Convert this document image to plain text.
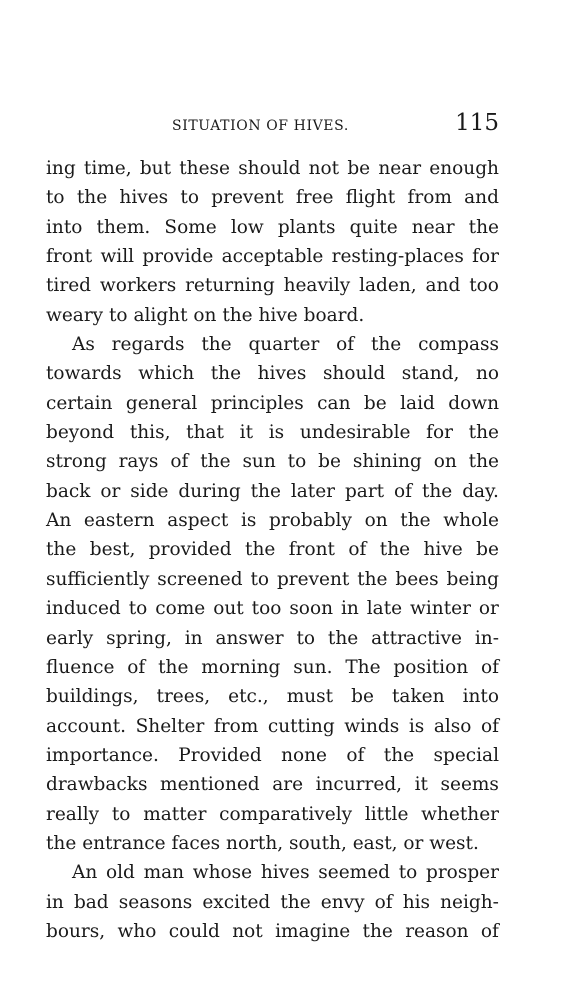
SITUATION OF HIVES.	115
ing time, but these should not be near enough
to the hives to prevent free flight from and
into them. Some low plants quite near the
front will provide acceptable resting-places for
tired workers returning heavily laden, and too
weary to alight on the hive board.
As regards the quarter of the compass
towards which the hives should stand, no
certain general principles can be laid down
beyond this, that it is undesirable for the
strong rays of the sun to be shining on the
back or side during the later part of the day.
An eastern aspect is probably on the whole
the best, provided the front of the hive be
sufficiently screened to prevent the bees being
induced to come out too soon in late winter or
early spring, in answer to the attractive in-
fluence of the morning sun. The position of
buildings, trees, etc., must be taken into
account. Shelter from cutting winds is also of
importance. Provided none of the special
drawbacks mentioned are incurred, it seems
really to matter comparatively little whether
the entrance faces north, south, east, or west.
An old man whose hives seemed to prosper
in bad seasons excited the envy of his neigh-
bours, who could not imagine the reason of
